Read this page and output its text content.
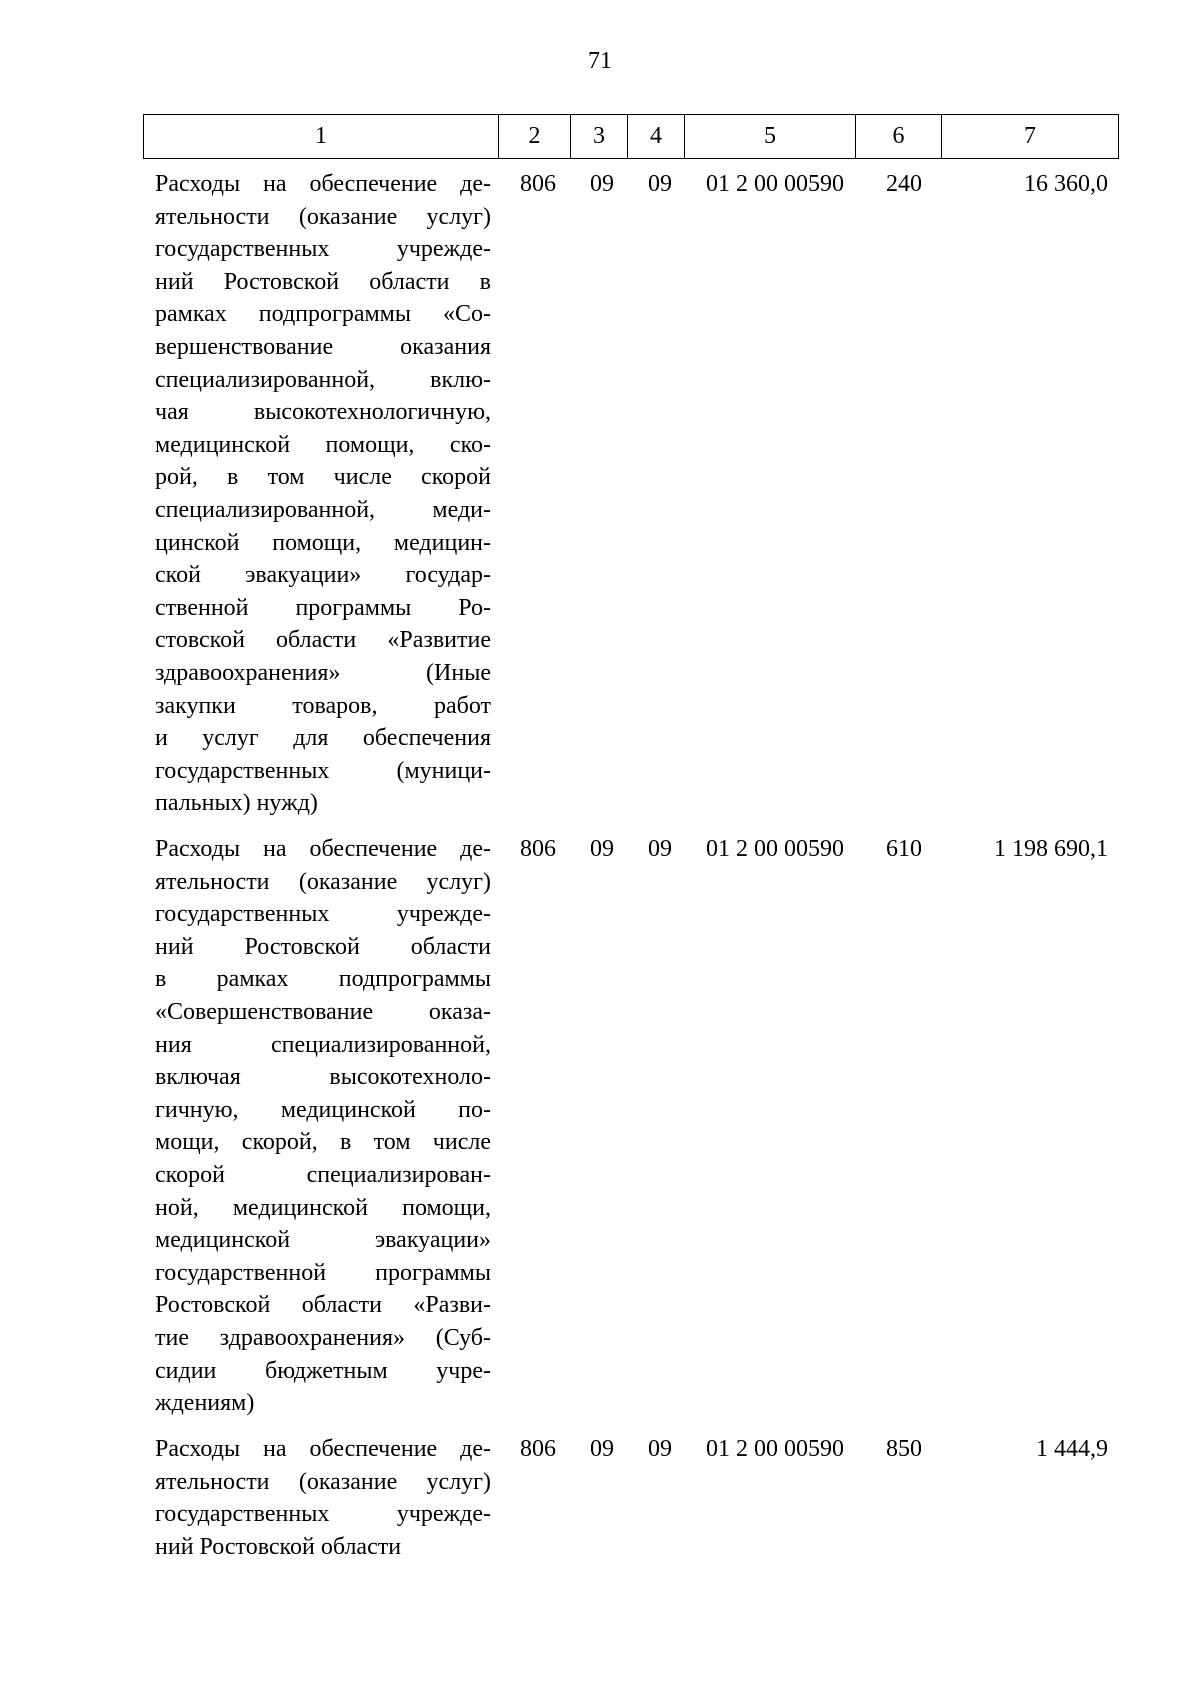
71
1	2	3	4	5	6	7
Расходы на обеспечение де-
ятельности (оказание услуг)
государственных учрежде-
ний Ростовской области в
рамках подпрограммы «Со-
вершенствование оказания
специализированной, вклю-
чая высокотехнологичную,
медицинской помощи, ско-
рой, в том числе скорой
специализированной, меди-
цинской помощи, медицин-
ской эвакуации» государ-
ственной программы Ро-
стовской области «Развитие
здравоохранения» (Иные
закупки товаров, работ
и услуг для обеспечения
государственных (муници-
пальных) нужд)
806	09	09	01 2 00 00590	240	16 360,0
Расходы на обеспечение де-
ятельности (оказание услуг)
государственных учрежде-
ний Ростовской области
в рамках подпрограммы
«Совершенствование оказа-
ния специализированной,
включая высокотехноло-
гичную, медицинской по-
мощи, скорой, в том числе
скорой специализирован-
ной, медицинской помощи,
медицинской эвакуации»
государственной программы
Ростовской области «Разви-
тие здравоохранения» (Суб-
сидии бюджетным учре-
ждениям)
806	09	09	01 2 00 00590	610	1 198 690,1
Расходы на обеспечение де-
ятельности (оказание услуг)
государственных учрежде-
ний Ростовской области
806	09	09	01 2 00 00590	850	1 444,9
